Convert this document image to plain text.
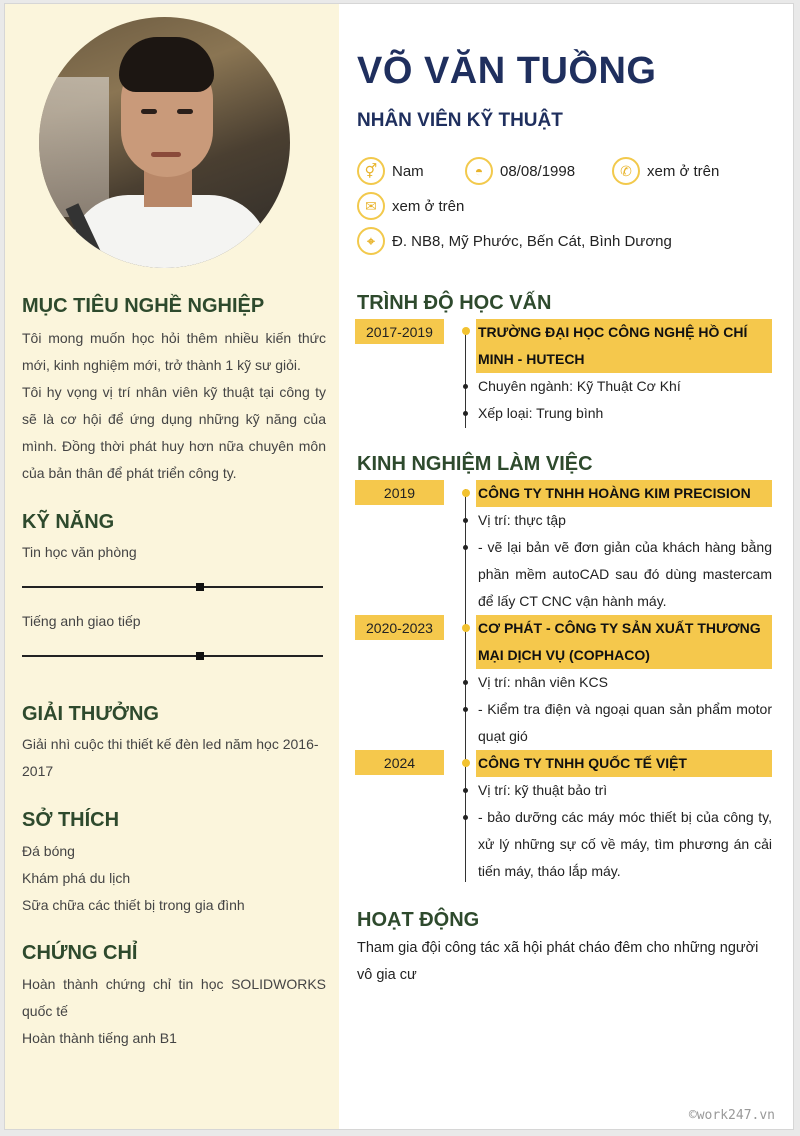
MỤC TIÊU NGHỀ NGHIỆP
Tôi mong muốn học hỏi thêm nhiều kiến thức mới, kinh nghiệm mới, trở thành 1 kỹ sư giỏi.
Tôi hy vọng vị trí nhân viên kỹ thuật tại công ty sẽ là cơ hội để ứng dụng những kỹ năng của mình. Đồng thời phát huy hơn nữa chuyên môn của bản thân để phát triển công ty.
KỸ NĂNG
Tin học văn phòng
Tiếng anh giao tiếp
GIẢI THƯỞNG
Giải nhì cuộc thi thiết kế đèn led năm học 2016-2017
SỞ THÍCH
Đá bóng
Khám phá du lịch
Sữa chữa các thiết bị trong gia đình
CHỨNG CHỈ
Hoàn thành chứng chỉ tin học SOLIDWORKS quốc tế
Hoàn thành tiếng anh B1
VÕ VĂN TUỒNG
NHÂN VIÊN KỸ THUẬT
⚥ Nam	◓	08/08/1998	✆	xem ở trên
✉	xem ở trên
⌖	Đ. NB8, Mỹ Phước, Bến Cát, Bình Dương
TRÌNH ĐỘ HỌC VẤN
2017-2019	TRƯỜNG ĐẠI HỌC CÔNG NGHỆ HỒ CHÍ MINH - HUTECH
Chuyên ngành: Kỹ Thuật Cơ Khí
Xếp loại: Trung bình
KINH NGHIỆM LÀM VIỆC
2019	CÔNG TY TNHH HOÀNG KIM PRECISION
Vị trí: thực tập
- vẽ lại bản vẽ đơn giản của khách hàng bằng phần mềm autoCAD sau đó dùng mastercam để lấy CT CNC vận hành máy.
2020-2023	CƠ PHÁT - CÔNG TY SẢN XUẤT THƯƠNG MẠI DỊCH VỤ (COPHACO)
Vị trí: nhân viên KCS
- Kiểm tra điện và ngoại quan sản phẩm motor quạt gió
2024	CÔNG TY TNHH QUỐC TẾ VIỆT
Vị trí: kỹ thuật bảo trì
- bảo dưỡng các máy móc thiết bị của công ty, xử lý những sự cố về máy, tìm phương án cải tiến máy, tháo lắp máy.
HOẠT ĐỘNG
Tham gia đội công tác xã hội phát cháo đêm cho những người vô gia cư
©work247.vn
